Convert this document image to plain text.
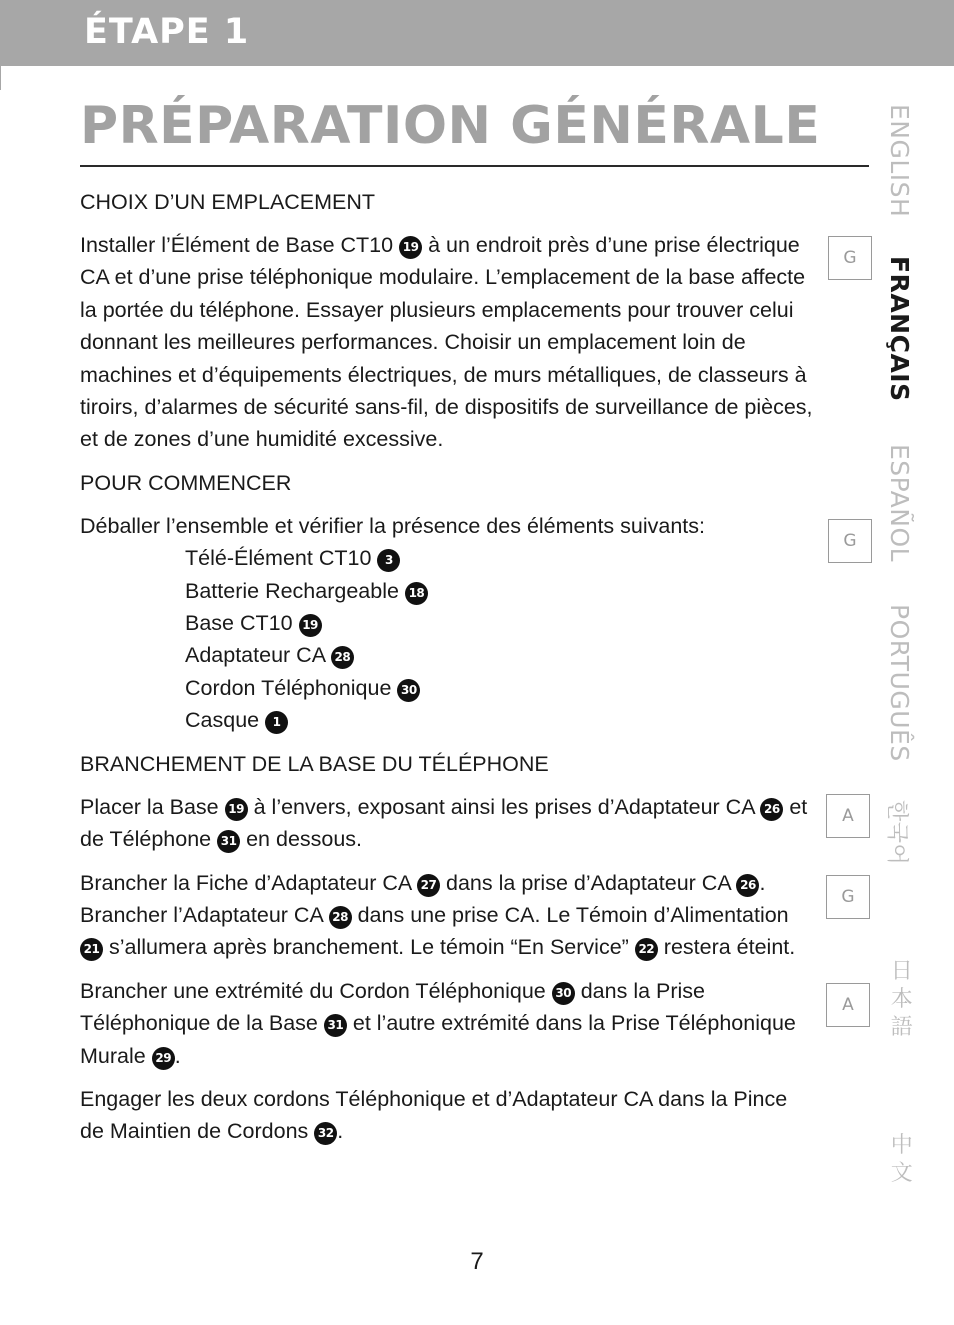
ÉTAPE 1
PRÉPARATION GÉNÉRALE
CHOIX D’UN EMPLACEMENT

Installer l’Élément de Base CT10 19 à un endroit près d’une prise électrique CA et d’une prise téléphonique modulaire. L’emplacement de la base affecte la portée du téléphone. Essayer plusieurs emplacements pour trouver celui donnant les meilleures performances. Choisir un emplacement loin de machines et d’équipements électriques, de murs métalliques, de classeurs à tiroirs, d’alarmes de sécurité sans-fil, de dispositifs de surveillance de pièces, et de zones d’une humidité excessive.

POUR COMMENCER

Déballer l’ensemble et vérifier la présence des éléments suivants:

Télé-Élément CT10 3
Batterie Rechargeable 18
Base CT10 19
Adaptateur CA 28
Cordon Téléphonique 30
Casque 1
BRANCHEMENT DE LA BASE DU TÉLÉPHONE

Placer la Base 19 à l’envers, exposant ainsi les prises d’Adaptateur CA 26 et de Téléphone 31 en dessous.

Brancher la Fiche d’Adaptateur CA 27 dans la prise d’Adaptateur CA 26 . Brancher l’Adaptateur CA 28 dans une prise CA. Le Témoin d’Alimentation 21 s’allumera après branchement. Le témoin “En Service” 22 restera éteint.

Brancher une extrémité du Cordon Téléphonique 30 dans la Prise Téléphonique de la Base 31 et l’autre extrémité dans la Prise Téléphonique Murale 29 .

Engager les deux cordons Téléphonique et d’Adaptateur CA dans la Pince de Maintien de Cordons 32 .

G
G
A
G
A
ENGLISH
FRANÇAIS
ESPAÑOL
PORTUGUÊS
한국어
日
本
語
中
文
7
